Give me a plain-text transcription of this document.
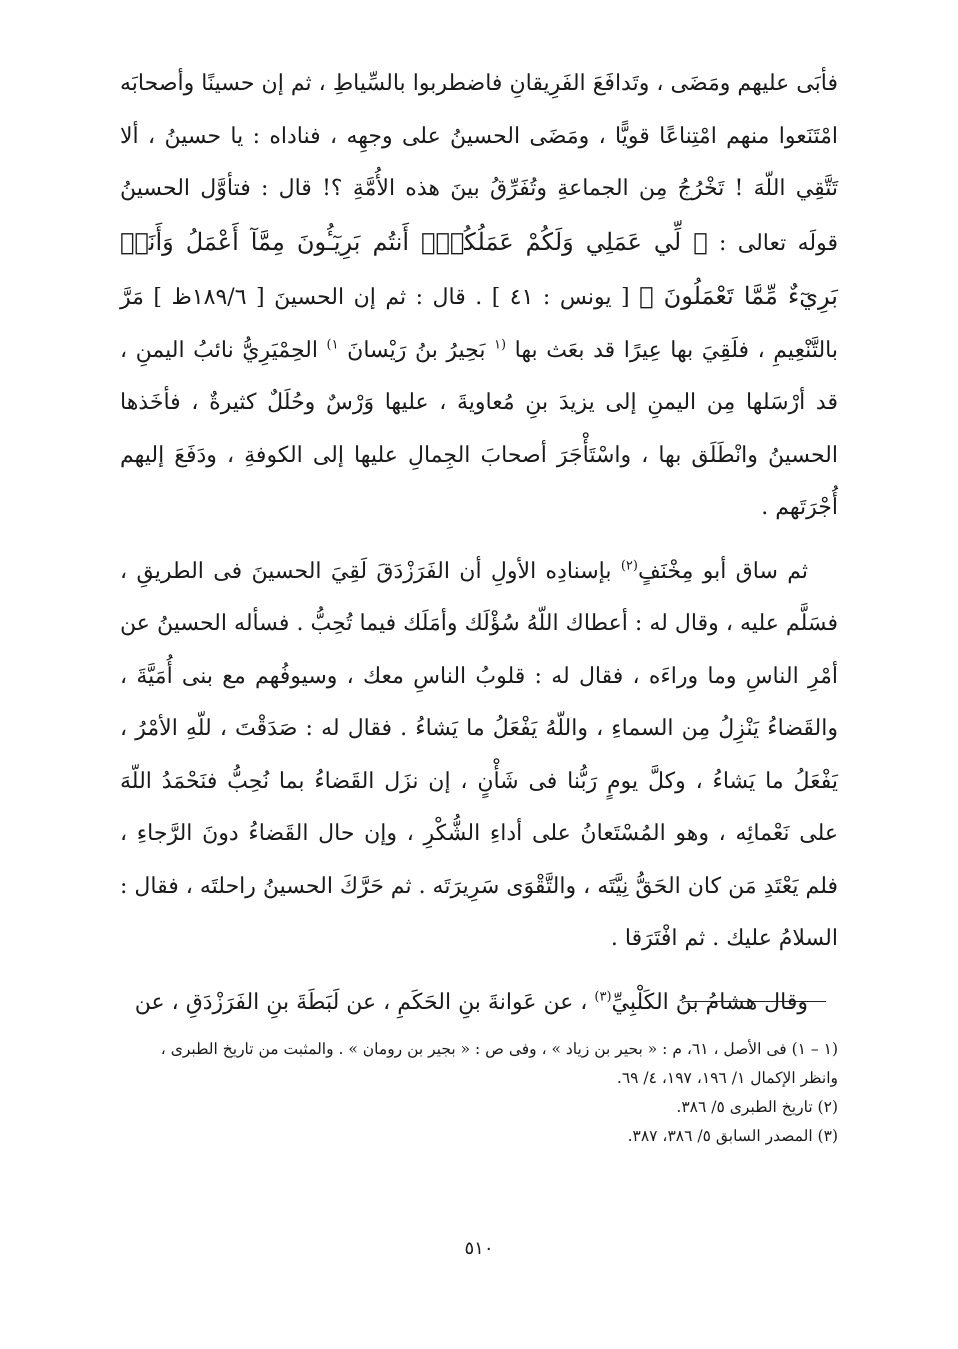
فأبَى عليهم ومَضَى ، وتَدافَعَ الفَرِيقانِ فاضطربوا بالسِّياطِ ، ثم إن حسينًا وأصحابَه امْتَنَعوا منهم امْتِناعًا قويًّا ، ومَضَى الحسينُ على وجهِه ، فناداه : يا حسينُ ، ألا تَتَّقِي اللّهَ ! تَخْرُجُ مِن الجماعةِ وتُفَرِّقُ بينَ هذه الأُمَّةِ ؟! قال : فتأوَّل الحسينُ قولَه تعالى : ﴿ لِّي عَمَلِي وَلَكُمْ عَمَلُكُمْۖ أَنتُم بَرِيٓـُٔونَ مِمَّآ أَعْمَلُ وَأَنَا۠ بَرِيٓءٌ مِّمَّا تَعْمَلُونَ ﴾ [ يونس : ٤١ ] . قال : ثم إن الحسينَ [ ١٨٩/٦ظ ] مَرَّ بالتَّنْعِيمِ ، فلَقِيَ بها عِيرًا قد بعَث بها $^{(١}$ بَحِيرُ بنُ رَيْسانَ $^{١)}$ الحِمْيَرِيُّ نائبُ اليمنِ ، قد أرْسَلها مِن اليمنِ إلى يزيدَ بنِ مُعاويةَ ، عليها وَرْسٌ وحُلَلٌ كثيرةٌ ، فأخَذها الحسينُ وانْطَلَق بها ، واسْتَأْجَرَ أصحابَ الجِمالِ عليها إلى الكوفةِ ، ودَفَعَ إليهم أُجْرَتَهم .

ثم ساق أبو مِخْنَفٍ$^{(٢)}$ بإسنادِه الأولِ أن الفَرَزْدَقَ لَقِيَ الحسينَ فى الطريقِ ، فسَلَّم عليه ، وقال له : أعطاك اللّهُ سُؤْلَك وأمَلَك فيما تُحِبُّ . فسأله الحسينُ عن أمْرِ الناسِ وما وراءَه ، فقال له : قلوبُ الناسِ معك ، وسيوفُهم مع بنى أُمَيَّةَ ، والقَضاءُ يَنْزِلُ مِن السماءِ ، واللّهُ يَفْعَلُ ما يَشاءُ . فقال له : صَدَقْتَ ، للّهِ الأمْرُ ، يَفْعَلُ ما يَشاءُ ، وكلَّ يومٍ رَبُّنا فى شَأْنٍ ، إن نزَل القَضاءُ بما نُحِبُّ فنَحْمَدُ اللّهَ على نَعْمائِه ، وهو المُسْتَعانُ على أداءِ الشُّكْرِ ، وإن حال القَضاءُ دونَ الرَّجاءِ ، فلم يَعْتَدِ مَن كان الحَقُّ نِيَّتَه ، والتَّقْوَى سَرِيرَتَه . ثم حَرَّكَ الحسينُ راحلتَه ، فقال : السلامُ عليك . ثم افْتَرَقا .

وقال هشامُ بنُ الكَلْبِيِّ$^{(٣)}$ ، عن عَوانةَ بنِ الحَكَمِ ، عن لَبَطَةَ بنِ الفَرَزْدَقِ ، عن

(١ – ١) فى الأصل ، ٦١، م : « بحير بن زياد » ، وفى ص : « بجير بن رومان » . والمثبت من تاريخ الطبرى ، وانظر الإكمال ١/ ١٩٦، ١٩٧، ٤/ ٦٩.

(٢) تاريخ الطبرى ٥/ ٣٨٦.

(٣) المصدر السابق ٥/ ٣٨٦، ٣٨٧.

٥١٠
